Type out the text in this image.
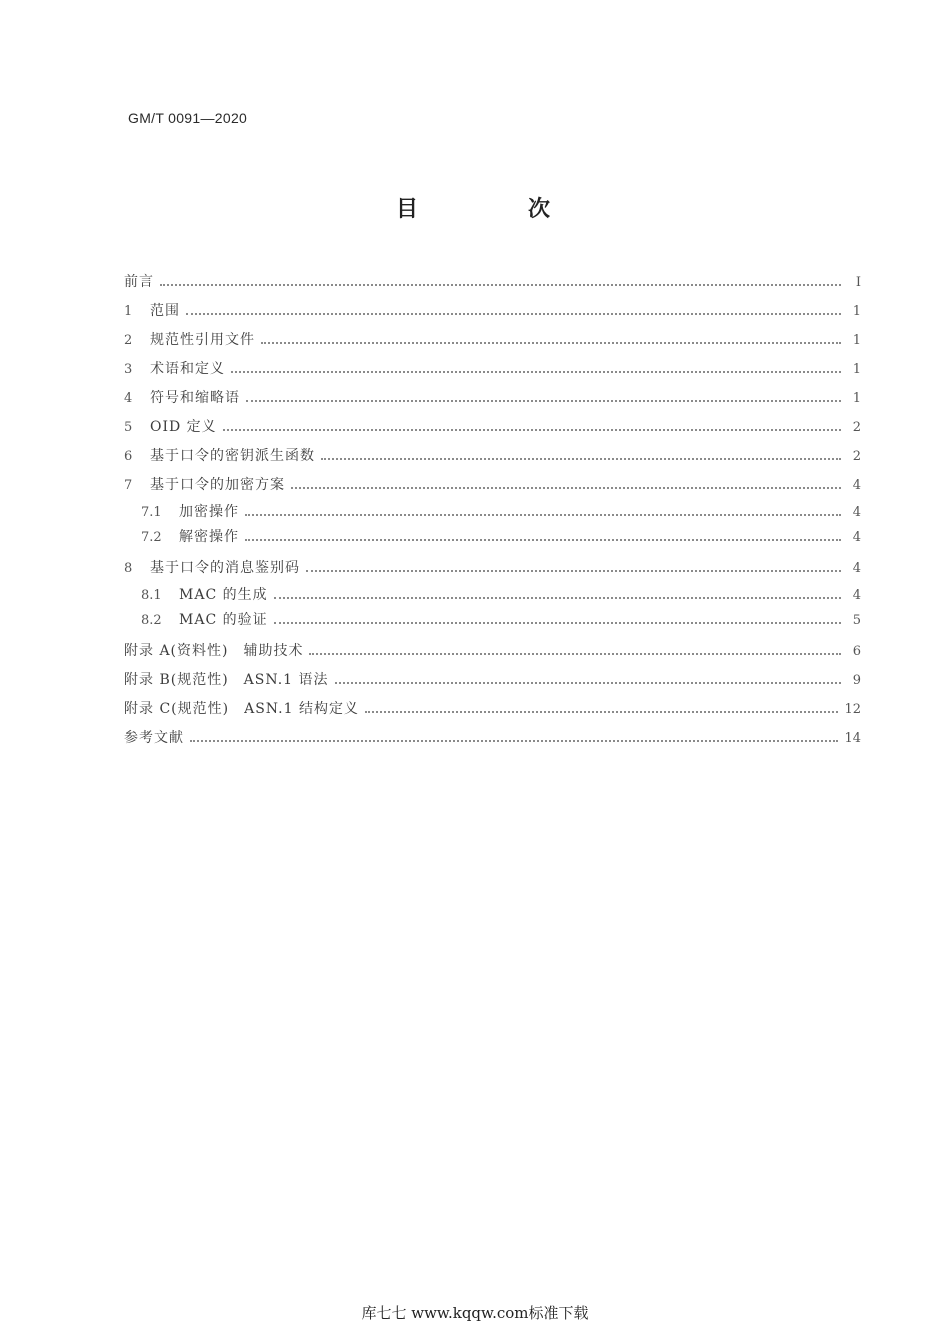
GM/T 0091—2020
目　次
前言	Ⅰ
1	范围	1
2	规范性引用文件	1
3	术语和定义	1
4	符号和缩略语	1
5	OID 定义	2
6	基于口令的密钥派生函数	2
7	基于口令的加密方案	4
7.1	加密操作	4
7.2	解密操作	4
8	基于口令的消息鉴别码	4
8.1	MAC 的生成	4
8.2	MAC 的验证	5
附录 A(资料性)　辅助技术	6
附录 B(规范性)　ASN.1 语法	9
附录 C(规范性)　ASN.1 结构定义	12
参考文献	14
库七七 www.kqqw.com标准下载
